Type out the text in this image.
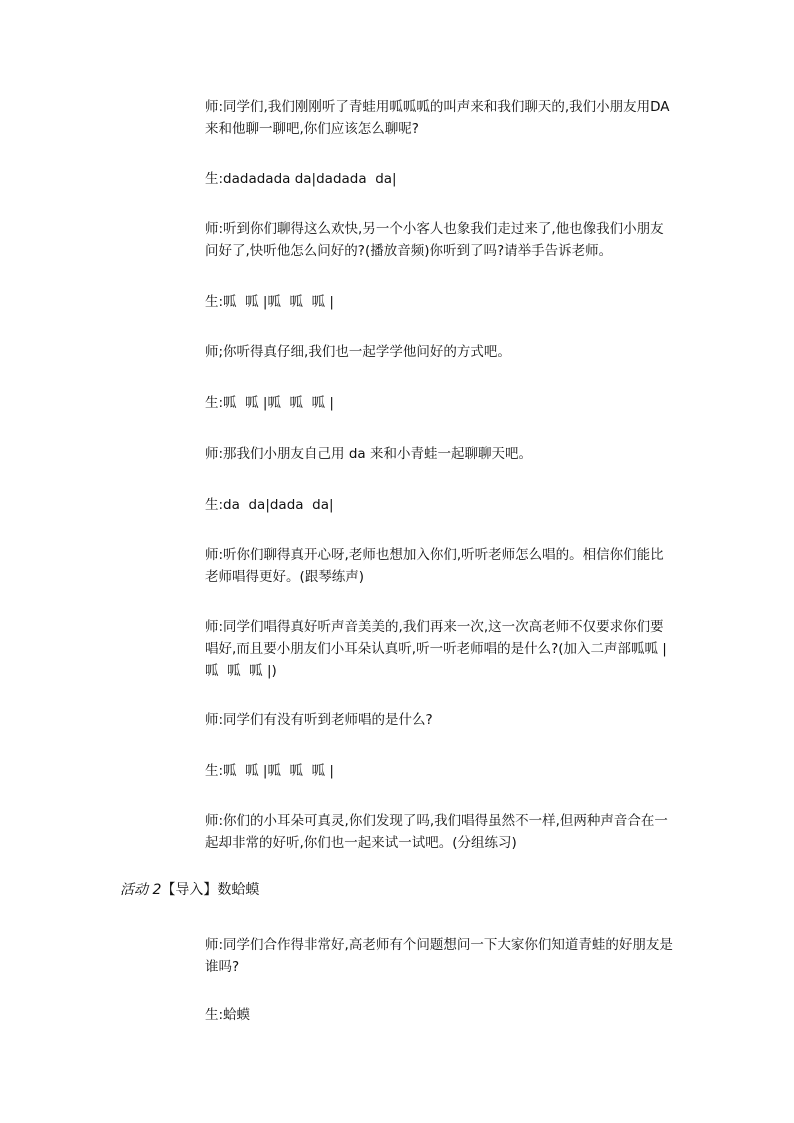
师:同学们,我们刚刚听了青蛙用呱呱呱的叫声来和我们聊天的,我们小朋友用DA来和他聊一聊吧,你们应该怎么聊呢?

生:dadadada da|dadada  da|

师:听到你们聊得这么欢快,另一个小客人也象我们走过来了,他也像我们小朋友问好了,快听他怎么问好的?(播放音频)你听到了吗?请举手告诉老师。

生:呱  呱 |呱  呱  呱 |

师;你听得真仔细,我们也一起学学他问好的方式吧。

生:呱  呱 |呱  呱  呱 |

师:那我们小朋友自己用 da 来和小青蛙一起聊聊天吧。

生:da  da|dada  da|

师:听你们聊得真开心呀,老师也想加入你们,听听老师怎么唱的。相信你们能比老师唱得更好。(跟琴练声)

师:同学们唱得真好听声音美美的,我们再来一次,这一次高老师不仅要求你们要唱好,而且要小朋友们小耳朵认真听,听一听老师唱的是什么?(加入二声部呱呱 |呱  呱  呱 |)

师:同学们有没有听到老师唱的是什么?

生:呱  呱 |呱  呱  呱 |

师:你们的小耳朵可真灵,你们发现了吗,我们唱得虽然不一样,但两种声音合在一起却非常的好听,你们也一起来试一试吧。(分组练习)

活动 2【导入】数蛤蟆

师:同学们合作得非常好,高老师有个问题想问一下大家你们知道青蛙的好朋友是谁吗?

生:蛤蟆
